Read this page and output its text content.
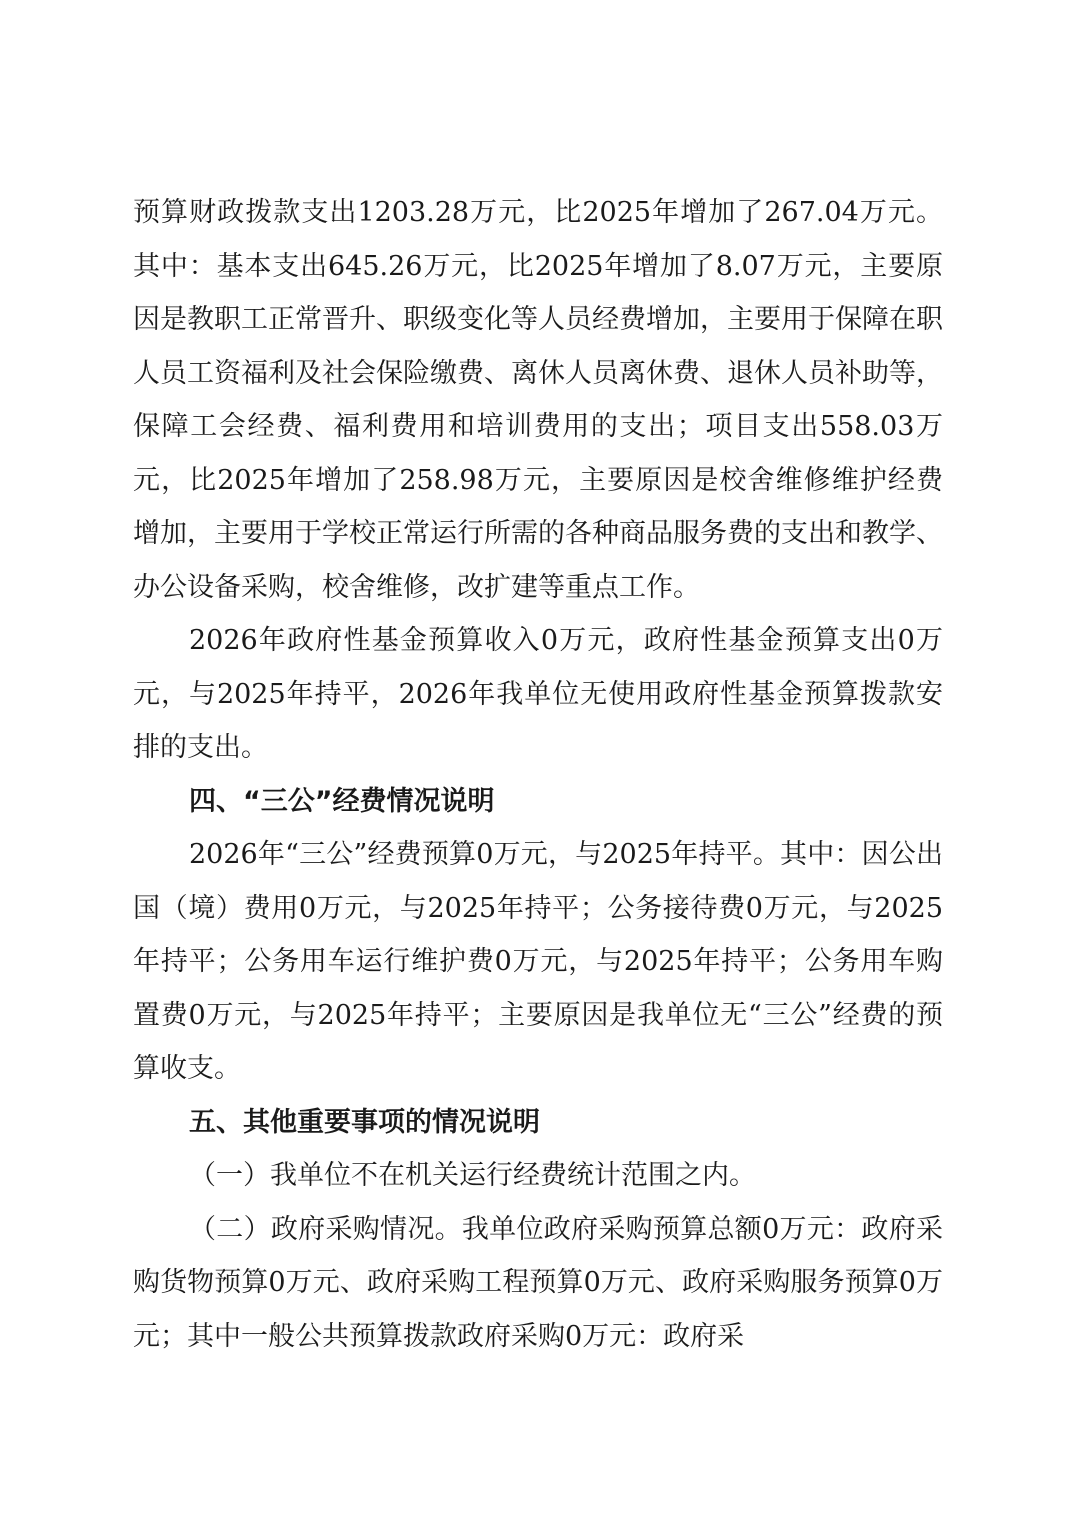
预算财政拨款支出1203.28万元，比2025年增加了267.04万元。其中：基本支出645.26万元，比2025年增加了8.07万元，主要原因是教职工正常晋升、职级变化等人员经费增加，主要用于保障在职人员工资福利及社会保险缴费、离休人员离休费、退休人员补助等，保障工会经费、福利费用和培训费用的支出；项目支出558.03万元，比2025年增加了258.98万元，主要原因是校舍维修维护经费增加，主要用于学校正常运行所需的各种商品服务费的支出和教学、办公设备采购，校舍维修，改扩建等重点工作。

2026年政府性基金预算收入0万元，政府性基金预算支出0万元，与2025年持平，2026年我单位无使用政府性基金预算拨款安排的支出。

四、“三公”经费情况说明

2026年“三公”经费预算0万元，与2025年持平。其中：因公出国（境）费用0万元，与2025年持平；公务接待费0万元，与2025年持平；公务用车运行维护费0万元，与2025年持平；公务用车购置费0万元，与2025年持平；主要原因是我单位无“三公”经费的预算收支。

五、其他重要事项的情况说明

（一）我单位不在机关运行经费统计范围之内。

（二）政府采购情况。我单位政府采购预算总额0万元：政府采购货物预算0万元、政府采购工程预算0万元、政府采购服务预算0万元；其中一般公共预算拨款政府采购0万元：政府采
